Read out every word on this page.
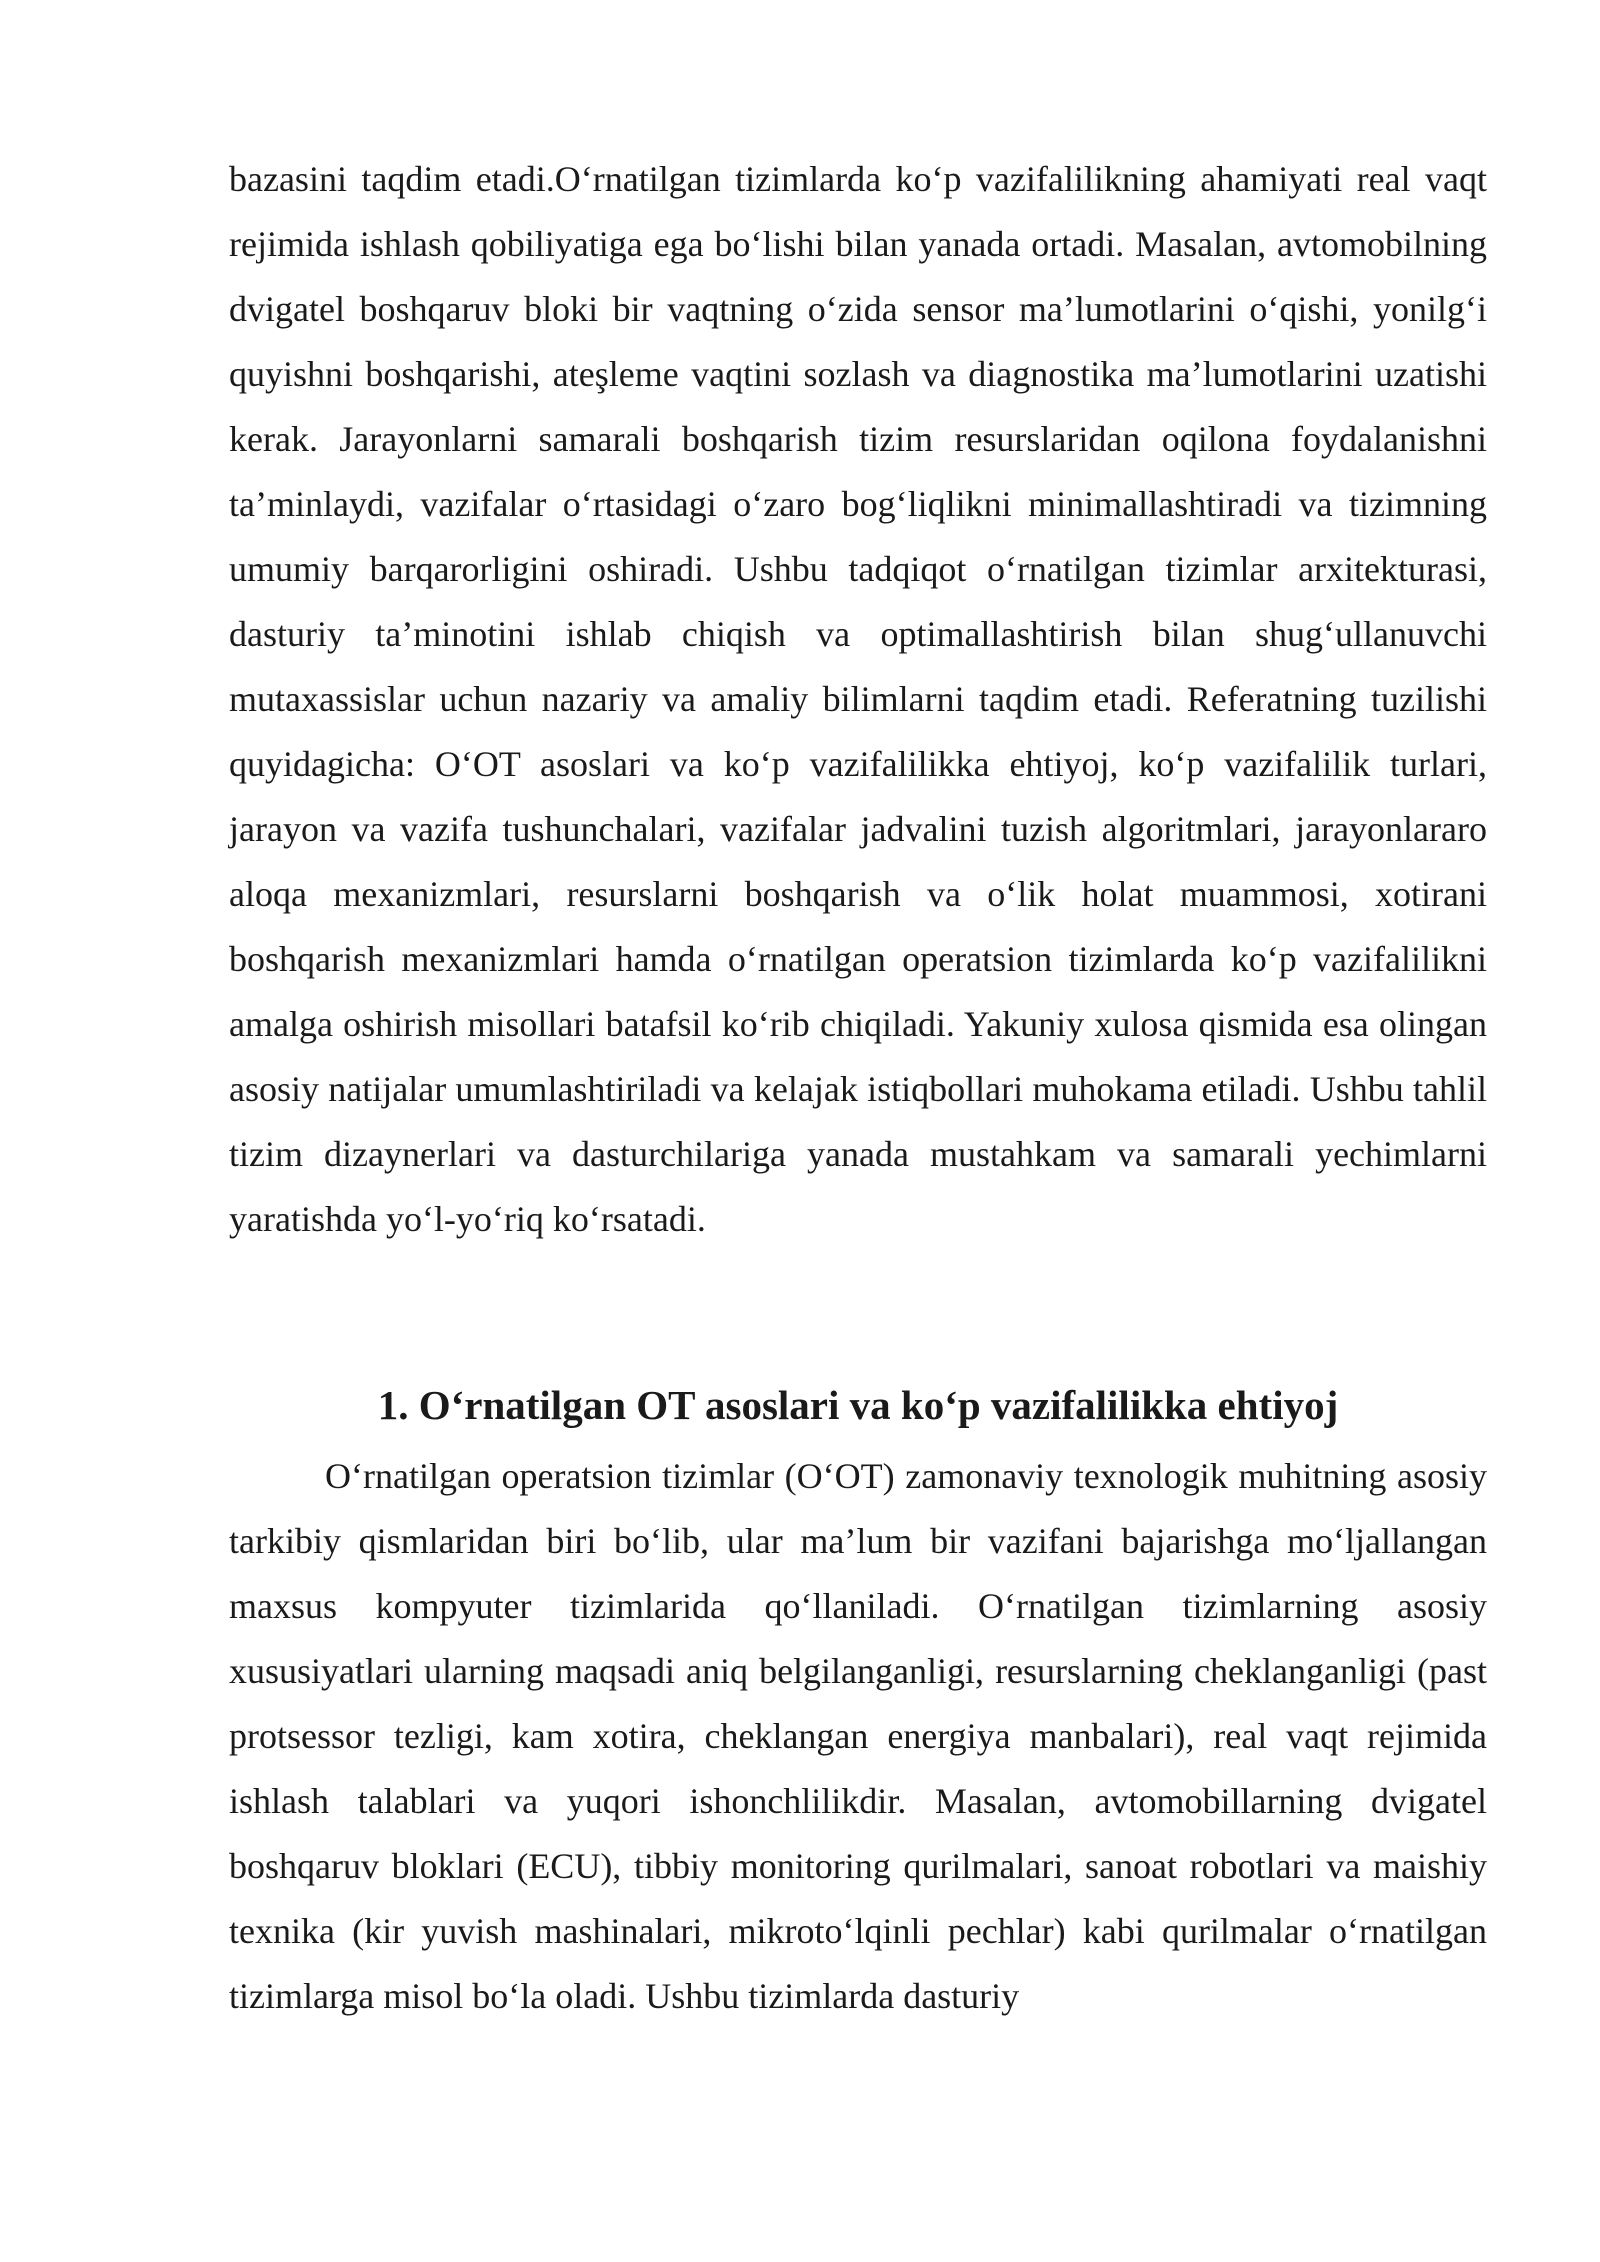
bazasini taqdim etadi.O‘rnatilgan tizimlarda ko‘p vazifalilikning ahamiyati real vaqt rejimida ishlash qobiliyatiga ega bo‘lishi bilan yanada ortadi. Masalan, avtomobilning dvigatel boshqaruv bloki bir vaqtning o‘zida sensor ma’lumotlarini o‘qishi, yonilg‘i quyishni boshqarishi, ateşleme vaqtini sozlash va diagnostika ma’lumotlarini uzatishi kerak. Jarayonlarni samarali boshqarish tizim resurslaridan oqilona foydalanishni ta’minlaydi, vazifalar o‘rtasidagi o‘zaro bog‘liqlikni minimallashtiradi va tizimning umumiy barqarorligini oshiradi. Ushbu tadqiqot o‘rnatilgan tizimlar arxitekturasi, dasturiy ta’minotini ishlab chiqish va optimallashtirish bilan shug‘ullanuvchi mutaxassislar uchun nazariy va amaliy bilimlarni taqdim etadi. Referatning tuzilishi quyidagicha: O‘OT asoslari va ko‘p vazifalilikka ehtiyoj, ko‘p vazifalilik turlari, jarayon va vazifa tushunchalari, vazifalar jadvalini tuzish algoritmlari, jarayonlararo aloqa mexanizmlari, resurslarni boshqarish va o‘lik holat muammosi, xotirani boshqarish mexanizmlari hamda o‘rnatilgan operatsion tizimlarda ko‘p vazifalilikni amalga oshirish misollari batafsil ko‘rib chiqiladi. Yakuniy xulosa qismida esa olingan asosiy natijalar umumlashtiriladi va kelajak istiqbollari muhokama etiladi. Ushbu tahlil tizim dizaynerlari va dasturchilariga yanada mustahkam va samarali yechimlarni yaratishda yo‘l-yo‘riq ko‘rsatadi.

1. O‘rnatilgan OT asoslari va ko‘p vazifalilikka ehtiyoj

O‘rnatilgan operatsion tizimlar (O‘OT) zamonaviy texnologik muhitning asosiy tarkibiy qismlaridan biri bo‘lib, ular ma’lum bir vazifani bajarishga mo‘ljallangan maxsus kompyuter tizimlarida qo‘llaniladi. O‘rnatilgan tizimlarning asosiy xususiyatlari ularning maqsadi aniq belgilanganligi, resurslarning cheklanganligi (past protsessor tezligi, kam xotira, cheklangan energiya manbalari), real vaqt rejimida ishlash talablari va yuqori ishonchlilikdir. Masalan, avtomobillarning dvigatel boshqaruv bloklari (ECU), tibbiy monitoring qurilmalari, sanoat robotlari va maishiy texnika (kir yuvish mashinalari, mikroto‘lqinli pechlar) kabi qurilmalar o‘rnatilgan tizimlarga misol bo‘la oladi. Ushbu tizimlarda dasturiy
